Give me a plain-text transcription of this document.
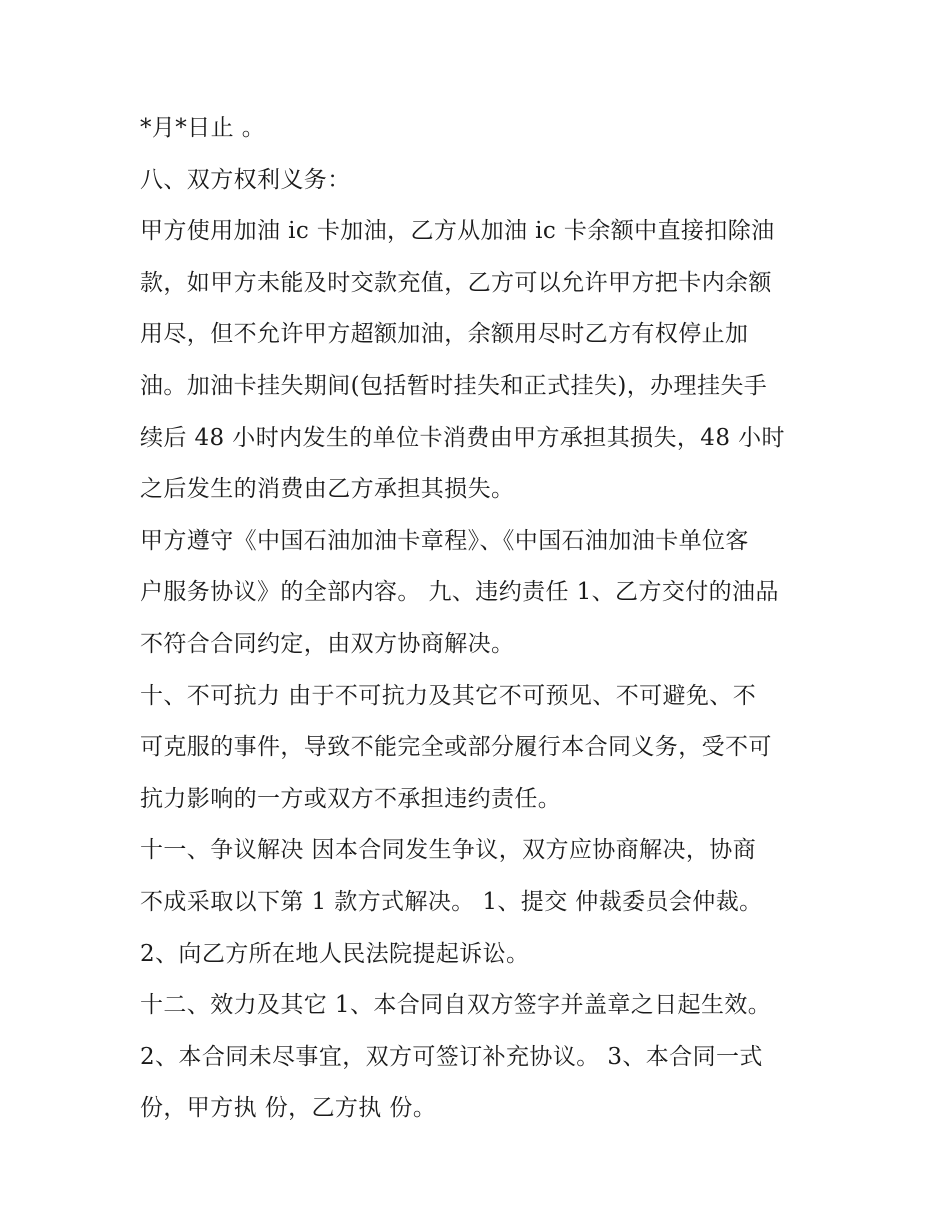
*月*日止 。
八、双方权利义务：
甲方使用加油 ic 卡加油，乙方从加油 ic 卡余额中直接扣除油
款，如甲方未能及时交款充值，乙方可以允许甲方把卡内余额
用尽，但不允许甲方超额加油，余额用尽时乙方有权停止加
油。加油卡挂失期间(包括暂时挂失和正式挂失)，办理挂失手
续后 48 小时内发生的单位卡消费由甲方承担其损失，48 小时
之后发生的消费由乙方承担其损失。
甲方遵守《中国石油加油卡章程》、《中国石油加油卡单位客
户服务协议》的全部内容。 九、违约责任 1、乙方交付的油品
不符合合同约定，由双方协商解决。
十、不可抗力 由于不可抗力及其它不可预见、不可避免、不
可克服的事件，导致不能完全或部分履行本合同义务，受不可
抗力影响的一方或双方不承担违约责任。
十一、争议解决 因本合同发生争议，双方应协商解决，协商
不成采取以下第 1 款方式解决。 1、提交 仲裁委员会仲裁。
2、向乙方所在地人民法院提起诉讼。
十二、效力及其它 1、本合同自双方签字并盖章之日起生效。
2、本合同未尽事宜，双方可签订补充协议。 3、本合同一式
份，甲方执 份，乙方执 份。
